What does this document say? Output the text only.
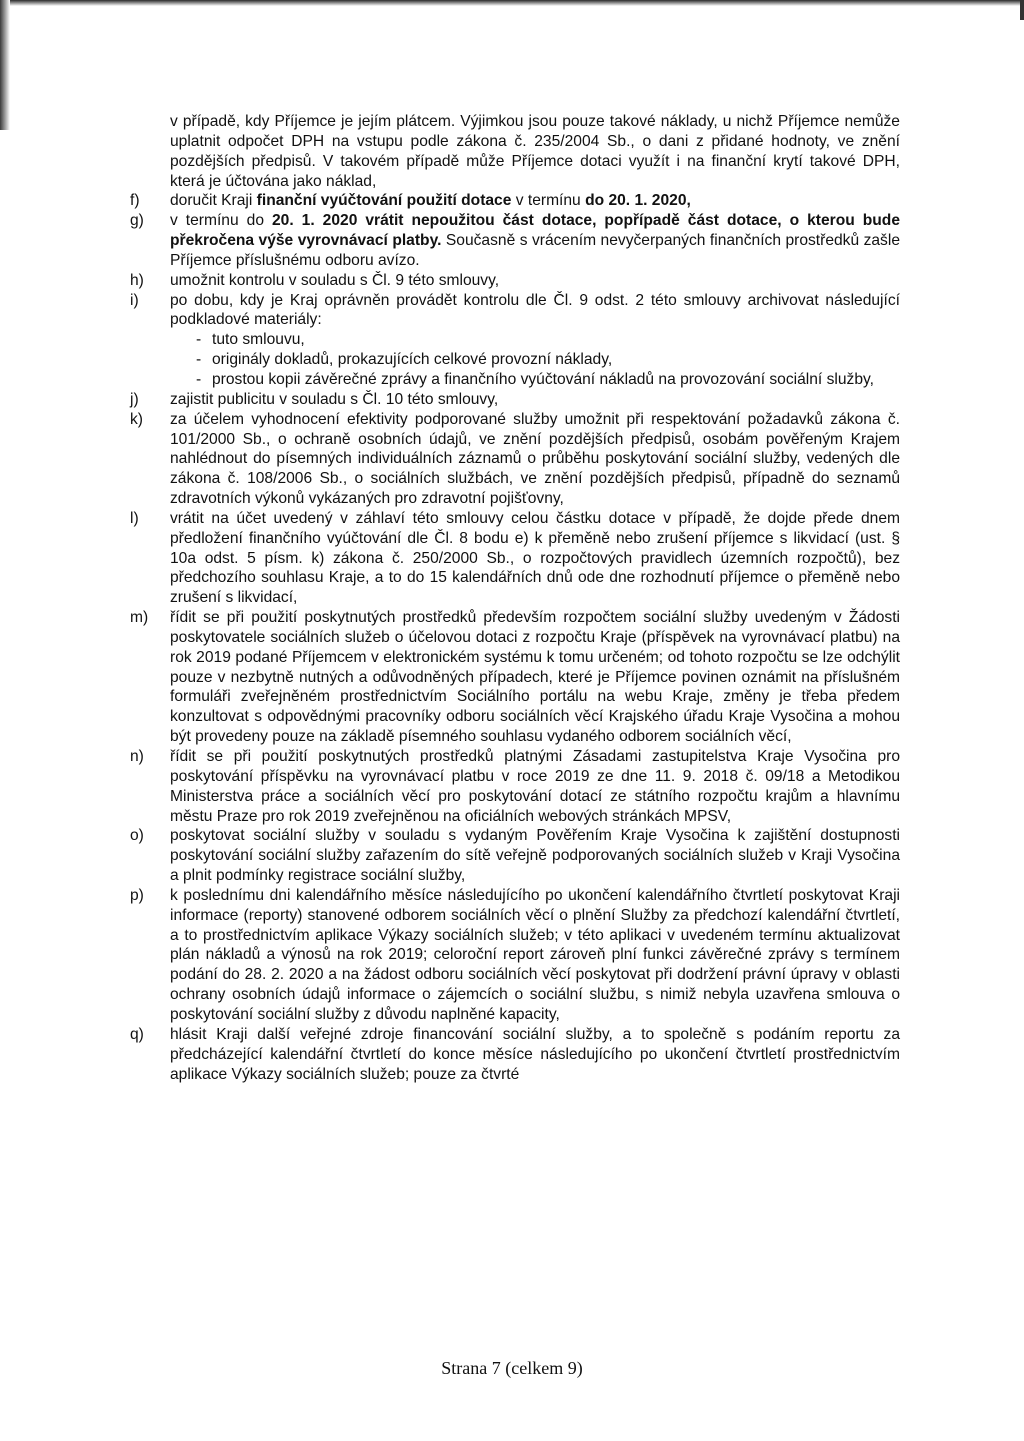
v případě, kdy Příjemce je jejím plátcem. Výjimkou jsou pouze takové náklady, u nichž Příjemce nemůže uplatnit odpočet DPH na vstupu podle zákona č. 235/2004 Sb., o dani z přidané hodnoty, ve znění pozdějších předpisů. V takovém případě může Příjemce dotaci využít i na finanční krytí takové DPH, která je účtována jako náklad,
f)	doručit Kraji finanční vyúčtování použití dotace v termínu do 20. 1. 2020,
g)	v termínu do 20. 1. 2020 vrátit nepoužitou část dotace, popřípadě část dotace, o kterou bude překročena výše vyrovnávací platby. Současně s vrácením nevyčerpaných finančních prostředků zašle Příjemce příslušnému odboru avízo.
h)	umožnit kontrolu v souladu s Čl. 9 této smlouvy,
i)	po dobu, kdy je Kraj oprávněn provádět kontrolu dle Čl. 9 odst. 2 této smlouvy archivovat následující podkladové materiály:
- tuto smlouvu,
- originály dokladů, prokazujících celkové provozní náklady,
- prostou kopii závěrečné zprávy a finančního vyúčtování nákladů na provozování sociální služby,
j)	zajistit publicitu v souladu s Čl. 10 této smlouvy,
k)	za účelem vyhodnocení efektivity podporované služby umožnit při respektování požadavků zákona č. 101/2000 Sb., o ochraně osobních údajů, ve znění pozdějších předpisů, osobám pověřeným Krajem nahlédnout do písemných individuálních záznamů o průběhu poskytování sociální služby, vedených dle zákona č. 108/2006 Sb., o sociálních službách, ve znění pozdějších předpisů, případně do seznamů zdravotních výkonů vykázaných pro zdravotní pojišťovny,
l)	vrátit na účet uvedený v záhlaví této smlouvy celou částku dotace v případě, že dojde přede dnem předložení finančního vyúčtování dle Čl. 8 bodu e) k přeměně nebo zrušení příjemce s likvidací (ust. § 10a odst. 5 písm. k) zákona č. 250/2000 Sb., o rozpočtových pravidlech územních rozpočtů), bez předchozího souhlasu Kraje, a to do 15 kalendářních dnů ode dne rozhodnutí příjemce o přeměně nebo zrušení s likvidací,
m)	řídit se při použití poskytnutých prostředků především rozpočtem sociální služby uvedeným v Žádosti poskytovatele sociálních služeb o účelovou dotaci z rozpočtu Kraje (příspěvek na vyrovnávací platbu) na rok 2019 podané Příjemcem v elektronickém systému k tomu určeném; od tohoto rozpočtu se lze odchýlit pouze v nezbytně nutných a odůvodněných případech, které je Příjemce povinen oznámit na příslušném formuláři zveřejněném prostřednictvím Sociálního portálu na webu Kraje, změny je třeba předem konzultovat s odpovědnými pracovníky odboru sociálních věcí Krajského úřadu Kraje Vysočina a mohou být provedeny pouze na základě písemného souhlasu vydaného odborem sociálních věcí,
n)	řídit se při použití poskytnutých prostředků platnými Zásadami zastupitelstva Kraje Vysočina pro poskytování příspěvku na vyrovnávací platbu v roce 2019 ze dne 11. 9. 2018 č. 09/18 a Metodikou Ministerstva práce a sociálních věcí pro poskytování dotací ze státního rozpočtu krajům a hlavnímu městu Praze pro rok 2019 zveřejněnou na oficiálních webových stránkách MPSV,
o)	poskytovat sociální služby v souladu s vydaným Pověřením Kraje Vysočina k zajištění dostupnosti poskytování sociální služby zařazením do sítě veřejně podporovaných sociálních služeb v Kraji Vysočina a plnit podmínky registrace sociální služby,
p)	k poslednímu dni kalendářního měsíce následujícího po ukončení kalendářního čtvrtletí poskytovat Kraji informace (reporty) stanovené odborem sociálních věcí o plnění Služby za předchozí kalendářní čtvrtletí, a to prostřednictvím aplikace Výkazy sociálních služeb; v této aplikaci v uvedeném termínu aktualizovat plán nákladů a výnosů na rok 2019; celoroční report zároveň plní funkci závěrečné zprávy s termínem podání do 28. 2. 2020 a na žádost odboru sociálních věcí poskytovat při dodržení právní úpravy v oblasti ochrany osobních údajů informace o zájemcích o sociální službu, s nimiž nebyla uzavřena smlouva o poskytování sociální služby z důvodu naplněné kapacity,
q)	hlásit Kraji další veřejné zdroje financování sociální služby, a to společně s podáním reportu za předcházející kalendářní čtvrtletí do konce měsíce následujícího po ukončení čtvrtletí prostřednictvím aplikace Výkazy sociálních služeb; pouze za čtvrté
Strana 7 (celkem 9)
